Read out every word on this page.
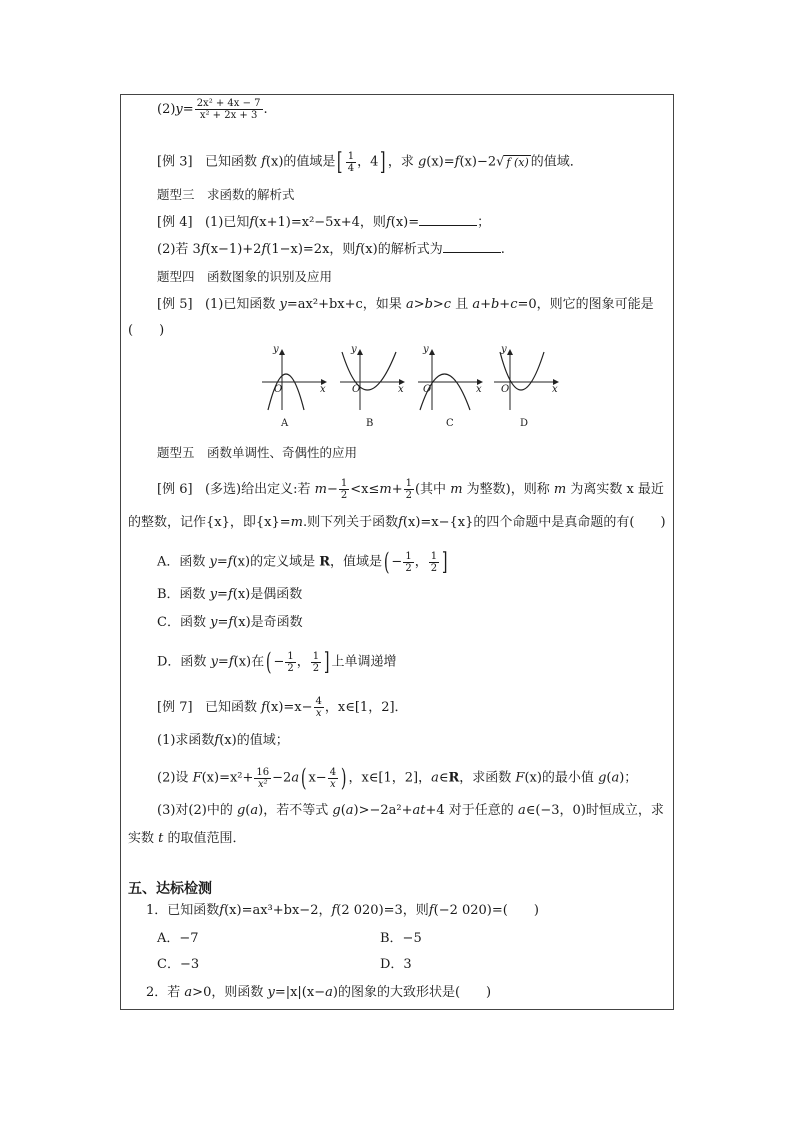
$(2)y= \frac{\text{2x² + 4x − 7}}{\text{x² + 2x + 3}}$ .
[例 3] 已知函数 f(x)的值域是[ $\frac{1}{4}$ ，4] ，求 g(x)=f(x)−2√ f (x) 的值域．
题型三　求函数的解析式
[例 4] (1)已知f(x+1)=x²−5x+4，则f(x)=	；
(2)若 3f(x−1)+2f(1−x)=2x，则f(x)的解析式为	.
题型四　函数图象的识别及应用
[例 5] (1)已知函数 y=ax²+bx+c，如果 a>b>c 且 a+b+c=0，则它的图象可能是
(　　)
y
O	x
y
O	x
y
O	x
y
O	x
A	B	C	D
题型五　函数单调性、奇偶性的应用
[例 6] (多选)给出定义:若 $m- \frac{1}{2} <x\le m+ \frac{1}{2}$ (其中 m 为整数)，则称 m 为离实数 x 最近
的整数，记作{x}，即{x}=m.则下列关于函数f(x)=x−{x}的四个命题中是真命题的有(　　)
A．函数 y=f(x)的定义域是 R，值域是( − $\frac{1}{2}$ ， $\frac{1}{2}$ ]
B．函数 y=f(x)是偶函数
C．函数 y=f(x)是奇函数
D．函数 y=f(x)在( − $\frac{1}{2}$ ， $\frac{1}{2}$ ] 上单调递增
[例 7] 已知函数 $f(x)=x- \frac{4}{x}$ ，x∈[1，2]．
(1)求函数f(x)的值域；
(2)设 $F(x)=x^2+ \frac{16}{\text{x²}} -2a$( $x- \frac{4}{x}$ ) ，x∈[1，2]，a∈R，求函数 F(x)的最小值 g(a)；
(3)对(2)中的 g(a)，若不等式 g(a)>−2a²+at+4 对于任意的 a∈(−3，0)时恒成立，求
实数 t 的取值范围．
五、达标检测
1．已知函数f(x)=ax³+bx−2，f(2 020)=3，则f(−2 020)=(　　)
A．−7	B．−5
C．−3	D．3
2．若 a>0，则函数 y=|x|(x−a)的图象的大致形状是(　　)
